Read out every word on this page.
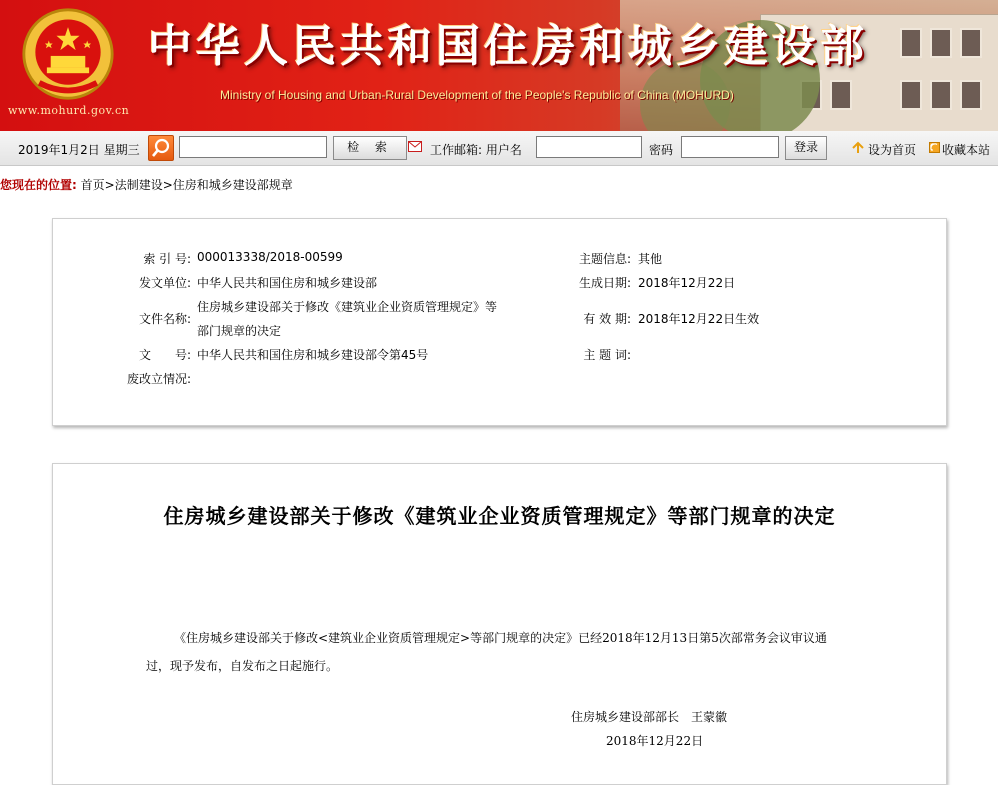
www.mohurd.gov.cn
中华人民共和国住房和城乡建设部
Ministry of Housing and Urban-Rural Development of the People's Republic of China (MOHURD)
2019年1月2日 星期三	检 索	工作邮箱: 用户名	密码	登录	设为首页 收藏本站
您现在的位置: 首页>法制建设>住房和城乡建设部规章
索 引 号: 000013338/2018-00599
发文单位: 中华人民共和国住房和城乡建设部
文件名称:
住房城乡建设部关于修改《建筑业企业资质管理规定》等
部门规章的决定
文　　号: 中华人民共和国住房和城乡建设部令第45号
废改立情况:
主题信息: 其他
生成日期: 2018年12月22日
有 效 期: 2018年12月22日生效
主 题 词:
住房城乡建设部关于修改《建筑业企业资质管理规定》等部门规章的决定
《住房城乡建设部关于修改<建筑业企业资质管理规定>等部门规章的决定》已经2018年12月13日第5次部常务会议审议通过，现予发布，自发布之日起施行。
住房城乡建设部部长　王蒙徽
2018年12月22日
